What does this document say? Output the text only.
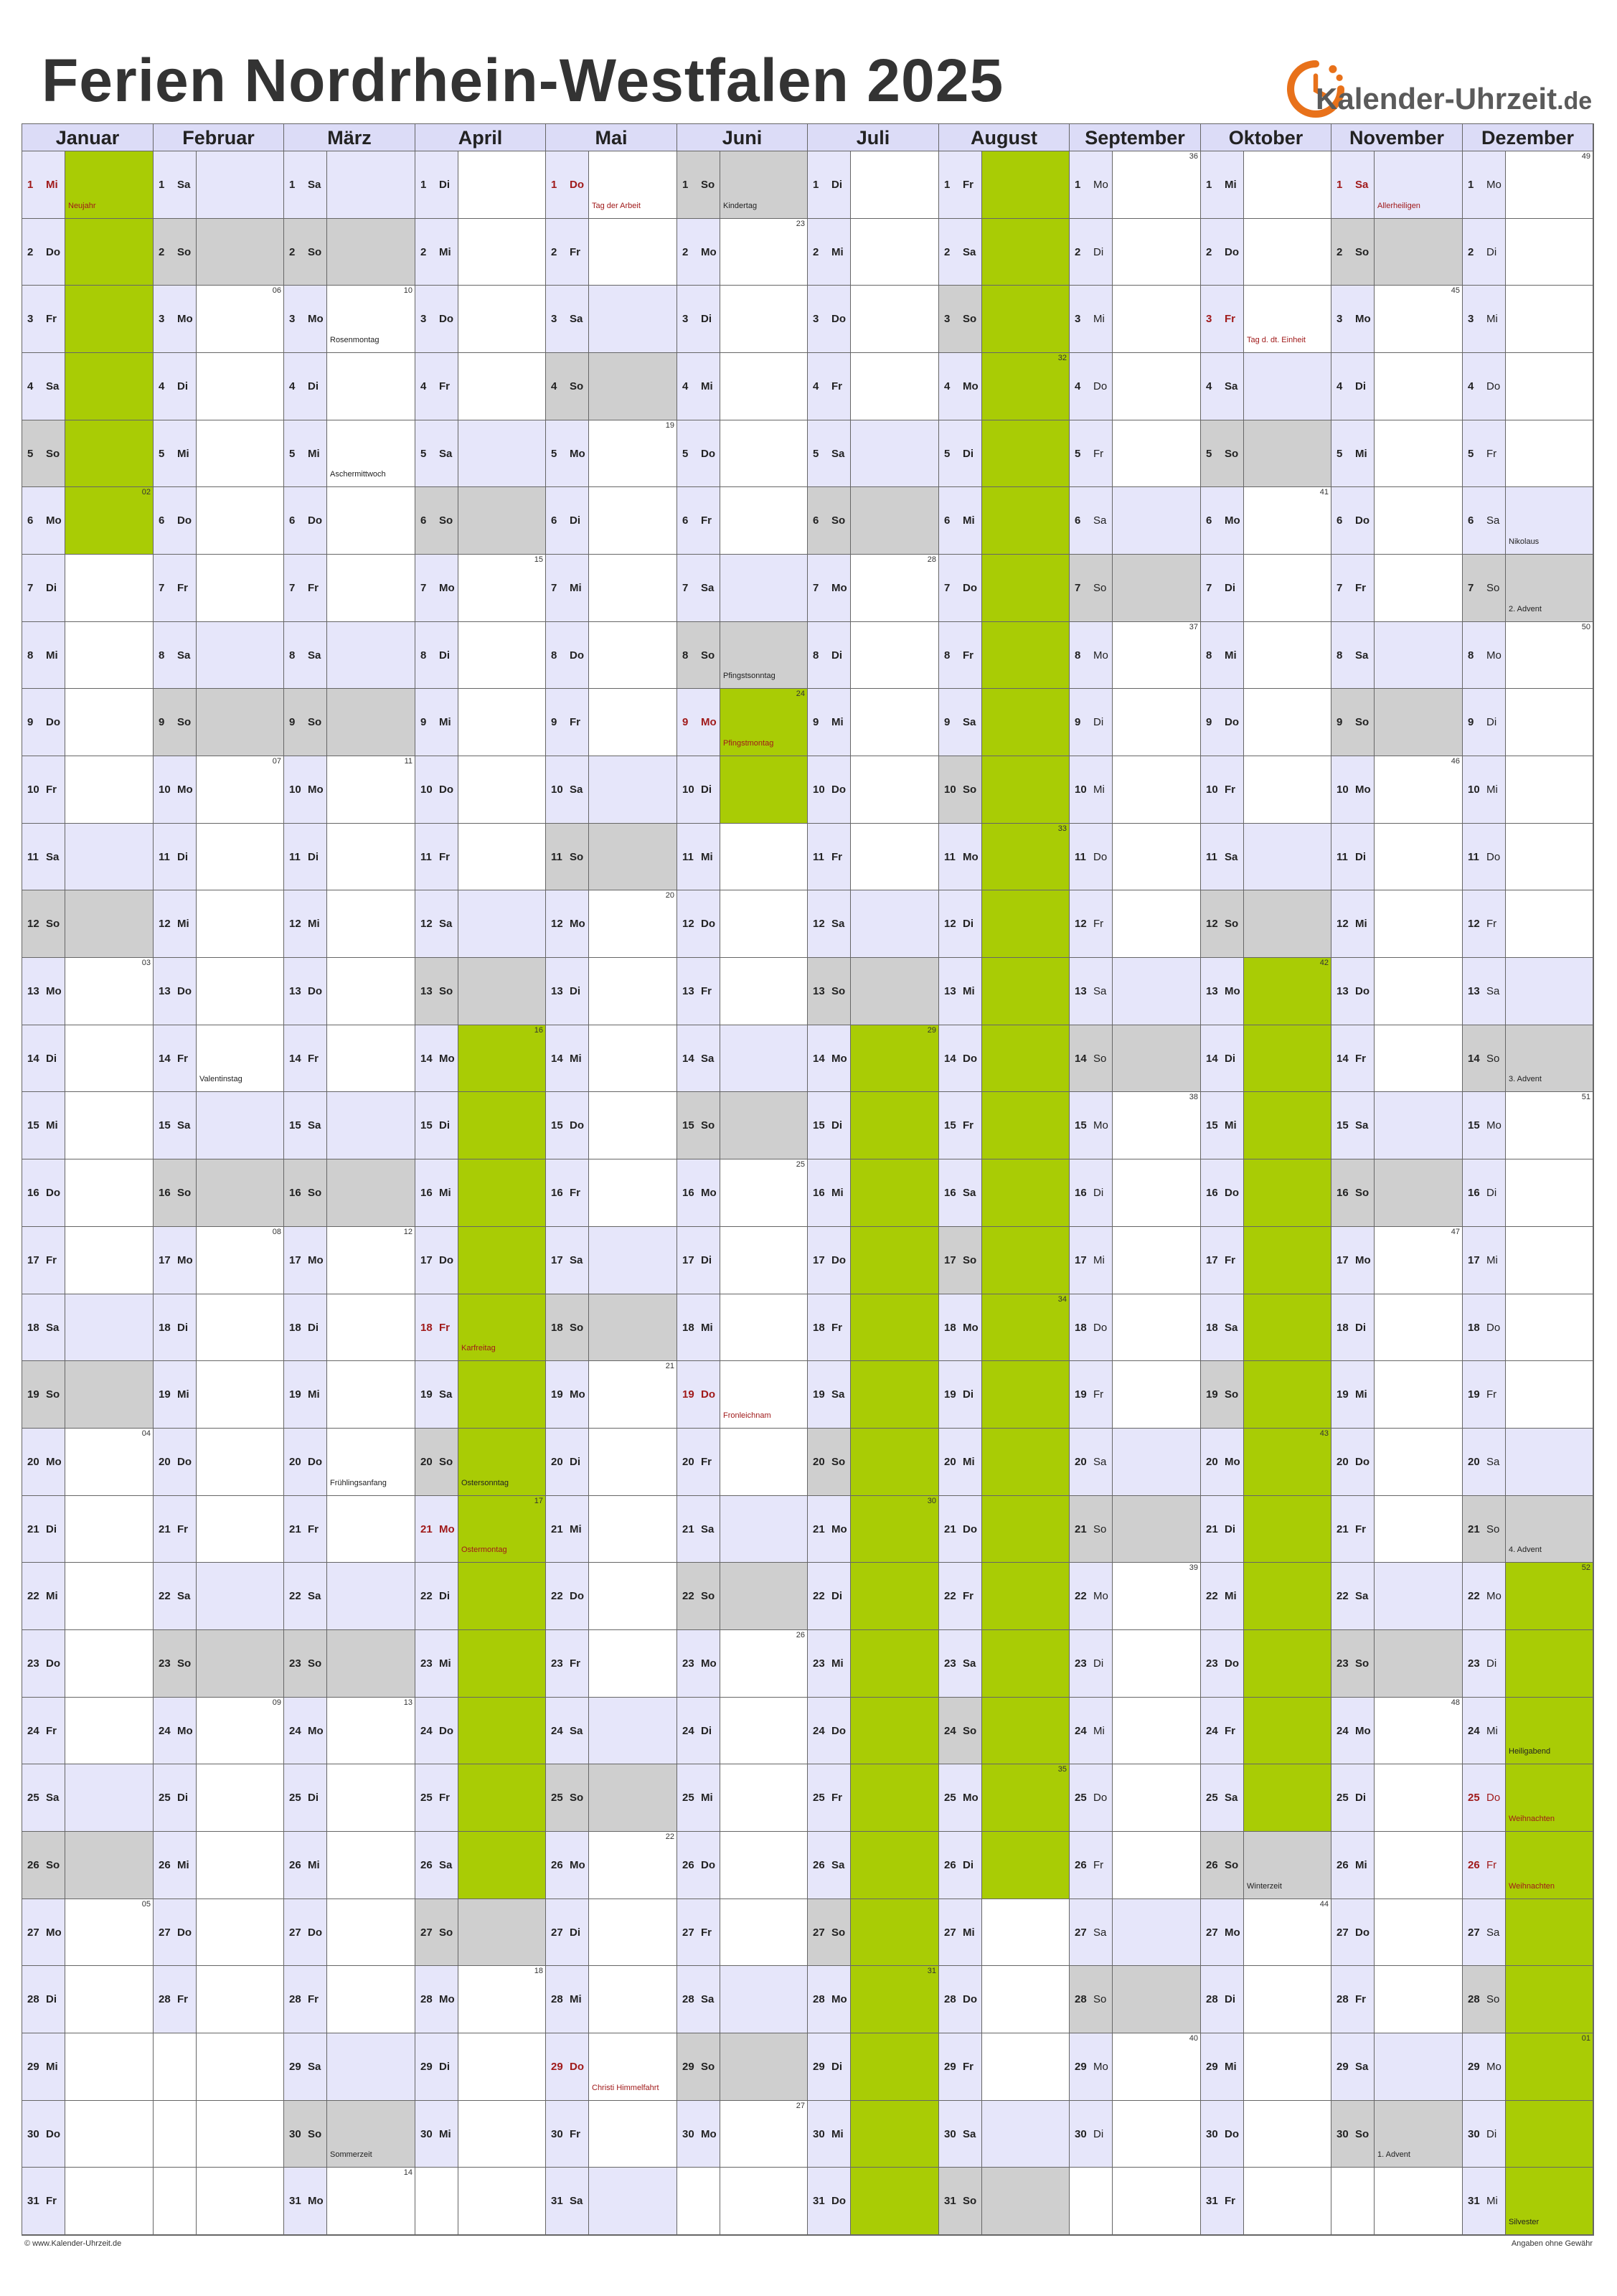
Ferien Nordrhein-Westfalen 2025	Kalender-Uhrzeit.de
Januar
1 Mi
Neujahr
2 Do
3 Fr
4 Sa
5 So
6 Mo
02
7 Di
8 Mi
9 Do
10 Fr
11 Sa
12 So
13 Mo
03
14 Di
15 Mi
16 Do
17 Fr
18 Sa
19 So
20 Mo
04
21 Di
22 Mi
23 Do
24 Fr
25 Sa
26 So
27 Mo
05
28 Di
29 Mi
30 Do
31 Fr
Februar
1 Sa
2 So
3 Mo
06
4 Di
5 Mi
6 Do
7 Fr
8 Sa
9 So
10 Mo
07
11 Di
12 Mi
13 Do
14 Fr
Valentinstag
15 Sa
16 So
17 Mo
08
18 Di
19 Mi
20 Do
21 Fr
22 Sa
23 So
24 Mo
09
25 Di
26 Mi
27 Do
28 Fr
März
1 Sa
2 So
3 Mo
Rosenmontag
10
4 Di
5 Mi
Aschermittwoch
6 Do
7 Fr
8 Sa
9 So
10 Mo
11
11 Di
12 Mi
13 Do
14 Fr
15 Sa
16 So
17 Mo
12
18 Di
19 Mi
20 Do
Frühlingsanfang
21 Fr
22 Sa
23 So
24 Mo
13
25 Di
26 Mi
27 Do
28 Fr
29 Sa
30 So
Sommerzeit
31 Mo
14
April
1 Di
2 Mi
3 Do
4 Fr
5 Sa
6 So
7 Mo
15
8 Di
9 Mi
10 Do
11 Fr
12 Sa
13 So
14 Mo
16
15 Di
16 Mi
17 Do
18 Fr
Karfreitag
19 Sa
20 So
Ostersonntag
21 Mo
Ostermontag
17
22 Di
23 Mi
24 Do
25 Fr
26 Sa
27 So
28 Mo
18
29 Di
30 Mi
Mai
1 Do
Tag der Arbeit
2 Fr
3 Sa
4 So
5 Mo
19
6 Di
7 Mi
8 Do
9 Fr
10 Sa
11 So
12 Mo
20
13 Di
14 Mi
15 Do
16 Fr
17 Sa
18 So
19 Mo
21
20 Di
21 Mi
22 Do
23 Fr
24 Sa
25 So
26 Mo
22
27 Di
28 Mi
29 Do
Christi Himmelfahrt
30 Fr
31 Sa
Juni
1 So
Kindertag
2 Mo
23
3 Di
4 Mi
5 Do
6 Fr
7 Sa
8 So
Pfingstsonntag
9 Mo
Pfingstmontag
24
10 Di
11 Mi
12 Do
13 Fr
14 Sa
15 So
16 Mo
25
17 Di
18 Mi
19 Do
Fronleichnam
20 Fr
21 Sa
22 So
23 Mo
26
24 Di
25 Mi
26 Do
27 Fr
28 Sa
29 So
30 Mo
27
Juli
1 Di
2 Mi
3 Do
4 Fr
5 Sa
6 So
7 Mo
28
8 Di
9 Mi
10 Do
11 Fr
12 Sa
13 So
14 Mo
29
15 Di
16 Mi
17 Do
18 Fr
19 Sa
20 So
21 Mo
30
22 Di
23 Mi
24 Do
25 Fr
26 Sa
27 So
28 Mo
31
29 Di
30 Mi
31 Do
August
1 Fr
2 Sa
3 So
4 Mo
32
5 Di
6 Mi
7 Do
8 Fr
9 Sa
10 So
11 Mo
33
12 Di
13 Mi
14 Do
15 Fr
16 Sa
17 So
18 Mo
34
19 Di
20 Mi
21 Do
22 Fr
23 Sa
24 So
25 Mo
35
26 Di
27 Mi
28 Do
29 Fr
30 Sa
31 So
September
1 Mo
36
2 Di
3 Mi
4 Do
5 Fr
6 Sa
7 So
8 Mo
37
9 Di
10 Mi
11 Do
12 Fr
13 Sa
14 So
15 Mo
38
16 Di
17 Mi
18 Do
19 Fr
20 Sa
21 So
22 Mo
39
23 Di
24 Mi
25 Do
26 Fr
27 Sa
28 So
29 Mo
40
30 Di
Oktober
1 Mi
2 Do
3 Fr
Tag d. dt. Einheit
4 Sa
5 So
6 Mo
41
7 Di
8 Mi
9 Do
10 Fr
11 Sa
12 So
13 Mo
42
14 Di
15 Mi
16 Do
17 Fr
18 Sa
19 So
20 Mo
43
21 Di
22 Mi
23 Do
24 Fr
25 Sa
26 So
Winterzeit
27 Mo
44
28 Di
29 Mi
30 Do
31 Fr
November
1 Sa
Allerheiligen
2 So
3 Mo
45
4 Di
5 Mi
6 Do
7 Fr
8 Sa
9 So
10 Mo
46
11 Di
12 Mi
13 Do
14 Fr
15 Sa
16 So
17 Mo
47
18 Di
19 Mi
20 Do
21 Fr
22 Sa
23 So
24 Mo
48
25 Di
26 Mi
27 Do
28 Fr
29 Sa
30 So
1. Advent
Dezember
1 Mo
49
2 Di
3 Mi
4 Do
5 Fr
6 Sa
Nikolaus
7 So
2. Advent
8 Mo
50
9 Di
10 Mi
11 Do
12 Fr
13 Sa
14 So
3. Advent
15 Mo
51
16 Di
17 Mi
18 Do
19 Fr
20 Sa
21 So
4. Advent
22 Mo
52
23 Di
24 Mi
Heiligabend
25 Do
Weihnachten
26 Fr
Weihnachten
27 Sa
28 So
29 Mo
01
30 Di
31 Mi
Silvester
© www.Kalender-Uhrzeit.de	Angaben ohne Gewähr
